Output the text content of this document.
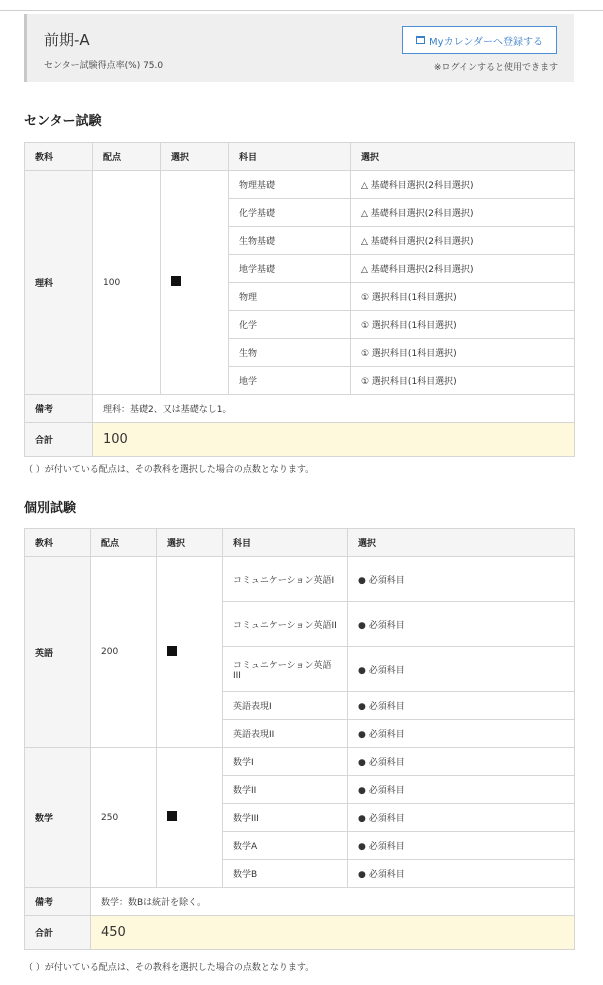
前期-A
センター試験得点率(%) 75.0
Myカレンダーへ登録する
※ログインすると使用できます
センター試験
教科	配点	選択	科目	選択
理科	100		物理基礎	△ 基礎科目選択(2科目選択)
			化学基礎	△ 基礎科目選択(2科目選択)
			生物基礎	△ 基礎科目選択(2科目選択)
			地学基礎	△ 基礎科目選択(2科目選択)
			物理	① 選択科目(1科目選択)
			化学	① 選択科目(1科目選択)
			生物	① 選択科目(1科目選択)
			地学	① 選択科目(1科目選択)
備考	理科：基礎2、又は基礎なし1。			
合計	100			
（ ）が付いている配点は、その教科を選択した場合の点数となります。
個別試験
教科	配点	選択	科目	選択
英語	200		コミュニケーション英語I	● 必須科目
			コミュニケーション英語II	● 必須科目
			コミュニケーション英語III	● 必須科目
			英語表現I	● 必須科目
			英語表現II	● 必須科目
数学	250		数学I	● 必須科目
			数学II	● 必須科目
			数学III	● 必須科目
			数学A	● 必須科目
			数学B	● 必須科目
備考	数学：数Bは統計を除く。			
合計	450			
（ ）が付いている配点は、その教科を選択した場合の点数となります。
